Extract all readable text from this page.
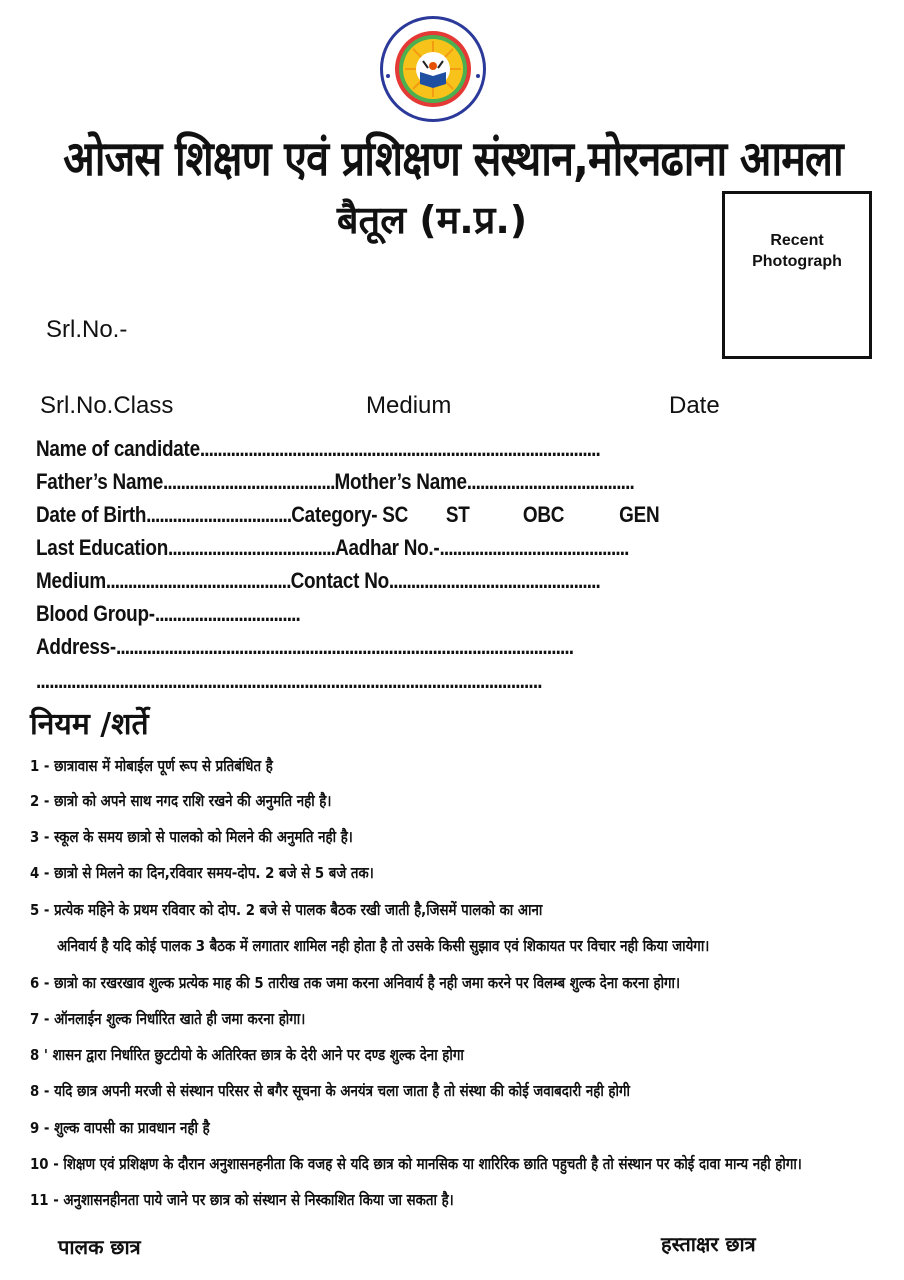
ओजस शिक्षण एवं प्रशिक्षण संस्थान,मोरनढाना आमला
बैतूल (म.प्र.)	Recent
Photograph
Srl.No.-
Srl.No.Class	Medium	Date
Name of candidate...........................................................................................
Father’s Name.......................................Mother’s Name......................................
Date of Birth.................................Category- SC ST OBC	GEN
Last Education......................................Aadhar No.-...........................................
Medium..........................................Contact No................................................
Blood Group-.................................
Address-........................................................................................................
...................................................................................................................
नियम /शर्ते
1 - छात्रावास में मोबाईल पूर्ण रूप से प्रतिबंधित है
2 - छात्रो को अपने साथ नगद राशि रखने की अनुमति नही है।
3 - स्कूल के समय छात्रो से पालको को मिलने की अनुमति नही है।
4 - छात्रो से मिलने का दिन,रविवार समय-दोप. 2 बजे से 5 बजे तक।
5 - प्रत्येक महिने के प्रथम रविवार को दोप. 2 बजे से पालक बैठक रखी जाती है,जिसमें पालको का आना
अनिवार्य है यदि कोई पालक 3 बैठक में लगातार शामिल नही होता है तो उसके किसी सुझाव एवं शिकायत पर विचार नही किया जायेगा।
6 - छात्रो का रखरखाव शुल्क प्रत्येक माह की 5 तारीख तक जमा करना अनिवार्य है नही जमा करने पर विलम्ब शुल्क देना करना होगा।
7 - ऑनलाईन शुल्क निर्धारित खाते ही जमा करना होगा।
8 ' शासन द्वारा निर्धारित छुटटीयो के अतिरिक्त छात्र के देरी आने पर दण्ड शुल्क देना होगा
8 - यदि छात्र अपनी मरजी से संस्थान परिसर से बगैर सूचना के अनयंत्र चला जाता है तो संस्था की कोई जवाबदारी नही होगी
9 - शुल्क वापसी का प्रावधान नही है
10 - शिक्षण एवं प्रशिक्षण के दौरान अनुशासनहनीता कि वजह से यदि छात्र को मानसिक या शारिरिक छाति पहुचती है तो संस्थान पर कोई दावा मान्य नही होगा।
11 - अनुशासनहीनता पाये जाने पर छात्र को संस्थान से निस्काशित किया जा सकता है।
पालक छात्र	हस्ताक्षर छात्र
